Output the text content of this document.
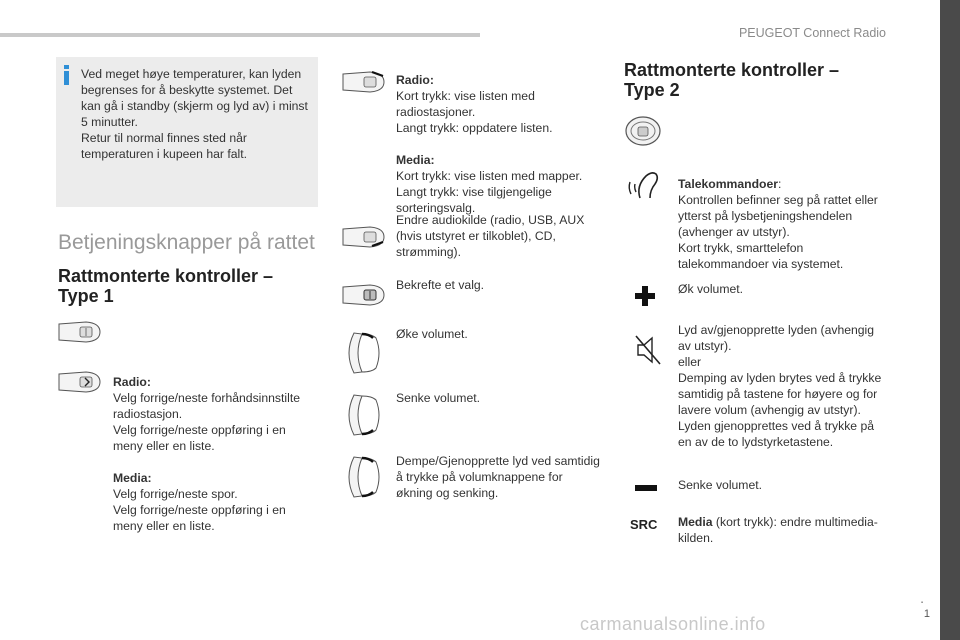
PEUGEOT Connect Radio
.
1
Ved meget høye temperaturer, kan lyden begrenses for å beskytte systemet. Det kan gå i standby (skjerm og lyd av) i minst 5 minutter.
Retur til normal finnes sted når temperaturen i kupeen har falt.
Betjeningsknapper på rattet
Rattmonterte kontroller –
Type 1

Radio:

Velg forrige/neste forhåndsinnstilte radiostasjon.
Velg forrige/neste oppføring i en meny eller en liste.

Media:

Velg forrige/neste spor.
Velg forrige/neste oppføring i en meny eller en liste.

Radio:

Kort trykk: vise listen med radiostasjoner.
Langt trykk: oppdatere listen.

Media:

Kort trykk: vise listen med mapper.
Langt trykk: vise tilgjengelige sorteringsvalg.

Endre audiokilde (radio, USB, AUX (hvis utstyret er tilkoblet), CD, strømming).
Bekrefte et valg.
Øke volumet.
Senke volumet.
Dempe/Gjenopprette lyd ved samtidig å trykke på volumknappene for økning og senking.
Rattmonterte kontroller –
Type 2

Talekommandoer:

Kontrollen befinner seg på rattet eller ytterst på lysbetjeningshendelen (avhenger av utstyr).
Kort trykk, smarttelefon talekommandoer via systemet.

Øk volumet.
Lyd av/gjenopprette lyden (avhengig av utstyr).
eller
Demping av lyden brytes ved å trykke samtidig på tastene for høyere og for lavere volum (avhengig av utstyr).
Lyden gjenopprettes ved å trykke på en av de to lydstyrketastene.
Senke volumet.
SRC Media (kort trykk): endre multimedia-kilden.
carmanualsonline.info
